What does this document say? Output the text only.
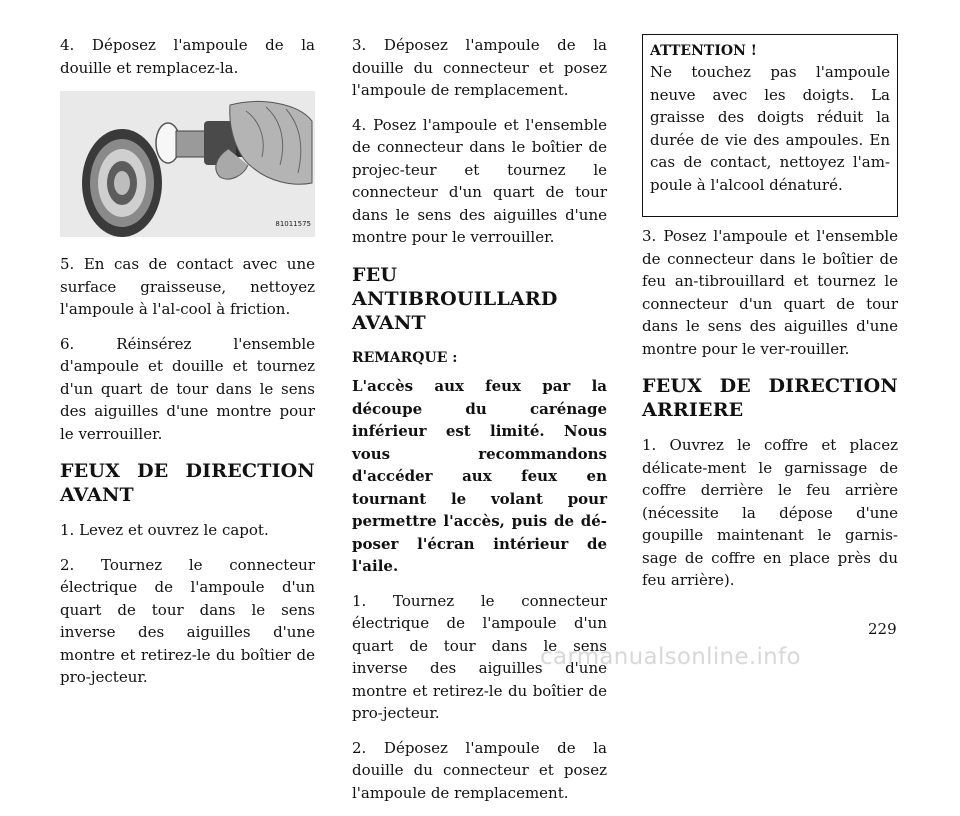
4. Déposez l'ampoule de la douille et remplacez-la.

81011575

5. En cas de contact avec une surface graisseuse, nettoyez l'ampoule à l'al-cool à friction.

6. Réinsérez l'ensemble d'ampoule et douille et tournez d'un quart de tour dans le sens des aiguilles d'une montre pour le verrouiller.

FEUX DE DIRECTION AVANT

1. Levez et ouvrez le capot.

2. Tournez le connecteur électrique de l'ampoule d'un quart de tour dans le sens inverse des aiguilles d'une montre et retirez-le du boîtier de pro-jecteur.

3. Déposez l'ampoule de la douille du connecteur et posez l'ampoule de remplacement.

4. Posez l'ampoule et l'ensemble de connecteur dans le boîtier de projec-teur et tournez le connecteur d'un quart de tour dans le sens des aiguilles d'une montre pour le verrouiller.

FEU ANTIBROUILLARD AVANT
REMARQUE :

L'accès aux feux par la découpe du carénage inférieur est limité. Nous vous recommandons d'accéder aux feux en tournant le volant pour permettre l'accès, puis de dé-poser l'écran intérieur de l'aile.

1. Tournez le connecteur électrique de l'ampoule d'un quart de tour dans le sens inverse des aiguilles d'une montre et retirez-le du boîtier de pro-jecteur.

2. Déposez l'ampoule de la douille du connecteur et posez l'ampoule de remplacement.

ATTENTION !

Ne touchez pas l'ampoule neuve avec les doigts. La graisse des doigts réduit la durée de vie des ampoules. En cas de contact, nettoyez l'am-poule à l'alcool dénaturé.

3. Posez l'ampoule et l'ensemble de connecteur dans le boîtier de feu an-tibrouillard et tournez le connecteur d'un quart de tour dans le sens des aiguilles d'une montre pour le ver-rouiller.

FEUX DE DIRECTION ARRIERE

1. Ouvrez le coffre et placez délicate-ment le garnissage de coffre derrière le feu arrière (nécessite la dépose d'une goupille maintenant le garnis-sage de coffre en place près du feu arrière).

229
carmanualsonline.info
